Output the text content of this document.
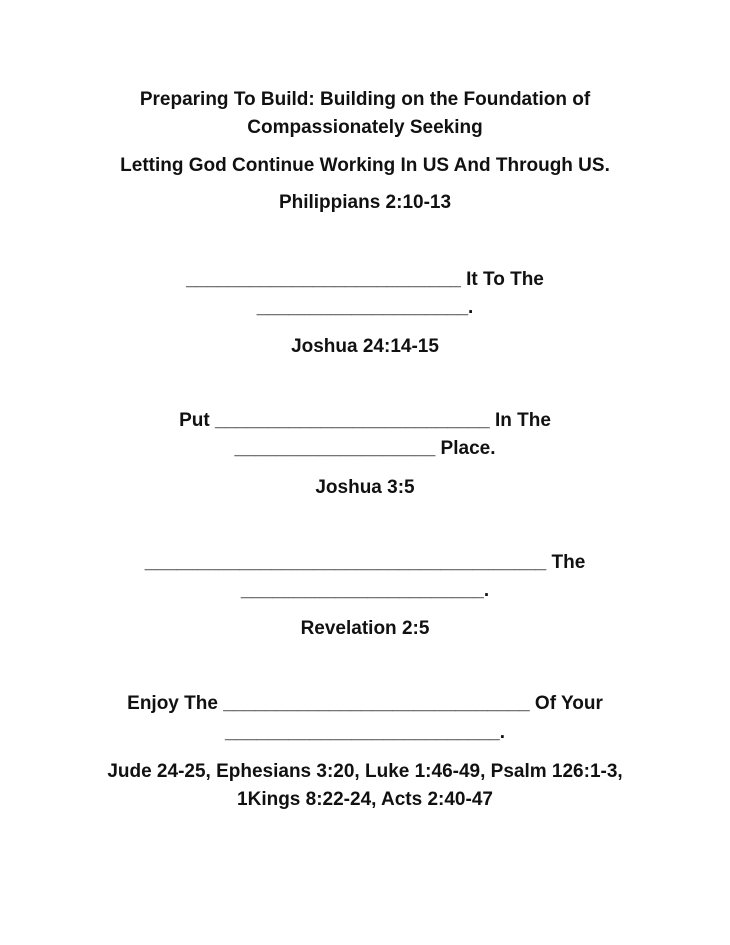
Preparing To Build: Building on the Foundation of
Compassionately Seeking
Letting God Continue Working In US And Through US.
Philippians 2:10-13
__________________________ It To The
____________________.
Joshua 24:14-15
Put __________________________ In The
___________________ Place.
Joshua 3:5
______________________________________ The
_______________________.
Revelation 2:5
Enjoy The _____________________________ Of Your
__________________________.
Jude 24-25, Ephesians 3:20, Luke 1:46-49, Psalm 126:1-3,
1Kings 8:22-24, Acts 2:40-47
